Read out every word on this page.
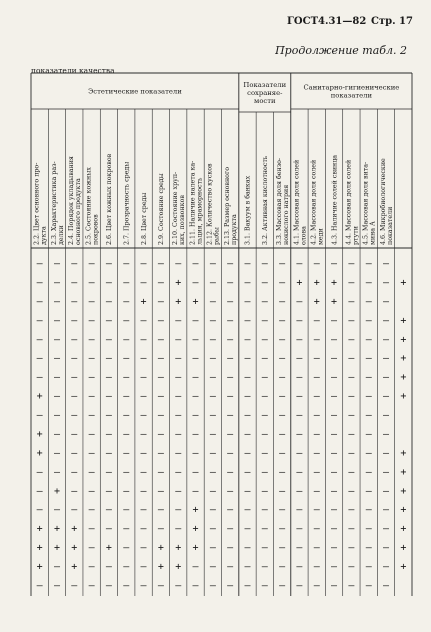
ГОСТ 4.31—82 Стр. 17
Продолжение табл. 2
показатели качества
Эстетические показатели
Показатели сохраняе-мости
Санитарно-гигиенические показатели
2.2. Цвет основного про-дукта 2.3. Характеристика раз-делки 2.4. Порядок укладыванияосновного продукта 2.5. Состояние кожныхпокровов 2.6. Цвет кожных покровов 2.7. Прозрачность среды 2.8. Цвет среды 2.9. Состояние среды 2.10. Состояние хруп-ких, позвонков 2.11. Наличие налета ка-льция, мраморность 2.12. Количество кусковрыбы 2.13. Размер основногопродукта 3.1. Вакуум в банках 3.2. Активная кислотность 3.3. Массовая доля бензо-нокислого натрия 4.1. Массовая доля солейолова 4.2. Массовая доля солеймеди 4.3. Наличие солей свинца 4.4. Массовая доля солейртути 4.5. Массовая доля вита-мина А 4.6. Микробиологическиепоказатели
— — — — — — — — — — — — — — — — — — — — —
— — — — — — — — + — — — — — — + + + — — — +
— — — — — — + — + + — — — — — — + + — — —
— — — — — — — — — — — — — — — — — — — — — +
— — — — — — — — — — — — — — — — — — — — — +
— — — — — — — — — — — — — — — — — — — — — +
— — — — — — — — — — — — — — — — — — — — — +
+ — — — — — — — — — — — — — — — — — — — — +
— — — — — — — — — — — — — — — — — — — — —
+ — — — — — — — — — — — — — — — — — — — —
+ — — — — — — — — — — — — — — — — — — — — +
— — — — — — — — — — — — — — — — — — — — — +
— + — — — — — — — — — — — — — — — — — — — +
— — — — — — — — — + — — — — — — — — — — — +
+ + + — — — — — — + — — — — — — — — — — — +
+ + + — + — — + + + — — — — — — — — — — — +
+ — + — — — — + + — — — — — — — — — — — — +
— — — — — — — — — — — — — — — — — — — — —
